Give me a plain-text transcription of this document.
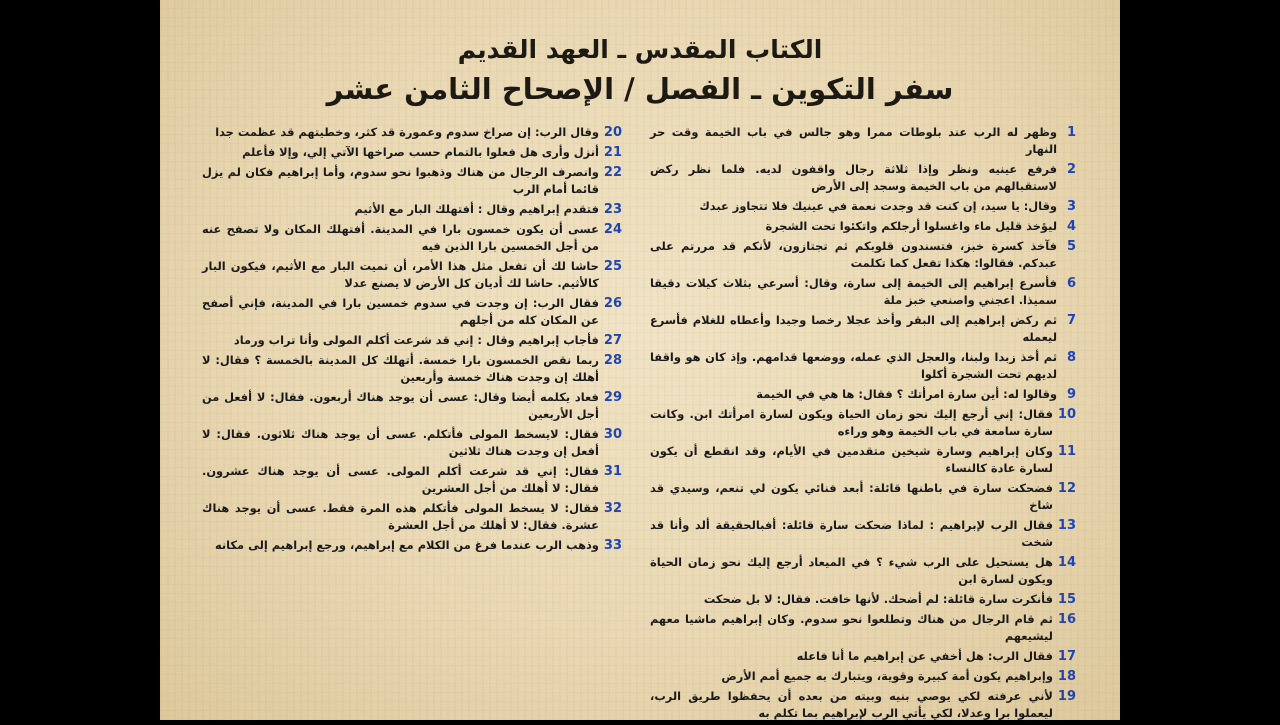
الكتاب المقدس ـ العهد القديم
سفر التكوين ـ الفصل / الإصحاح الثامن عشر
1
وظهر له الرب عند بلوطات ممرا وهو جالس في باب الخيمة وقت حر النهار
2
فرفع عينيه ونظر وإذا ثلاثة رجال واقفون لديه. فلما نظر ركض لاستقبالهم من باب الخيمة وسجد إلى الأرض
3
وقال: يا سيد، إن كنت قد وجدت نعمة في عينيك فلا تتجاوز عبدك
4
ليؤخذ قليل ماء واغسلوا أرجلكم واتكئوا تحت الشجرة
5
فآخذ كسرة خبز، فتسندون قلوبكم ثم تجتازون، لأنكم قد مررتم على عبدكم. فقالوا: هكذا تفعل كما تكلمت
6
فأسرع إبراهيم إلى الخيمة إلى سارة، وقال: أسرعي بثلاث كيلات دقيقا سميذا. اعجني واصنعي خبز ملة
7
ثم ركض إبراهيم إلى البقر وأخذ عجلا رخصا وجيدا وأعطاه للغلام فأسرع ليعمله
8
ثم أخذ زبدا ولبنا، والعجل الذي عمله، ووضعها قدامهم. وإذ كان هو واقفا لديهم تحت الشجرة أكلوا
9
وقالوا له: أين سارة امرأتك ؟ فقال: ها هي في الخيمة
10
فقال: إني أرجع إليك نحو زمان الحياة ويكون لسارة امرأتك ابن. وكانت سارة سامعة في باب الخيمة وهو وراءه
11
وكان إبراهيم وسارة شيخين متقدمين في الأيام، وقد انقطع أن يكون لسارة عادة كالنساء
12
فضحكت سارة في باطنها قائلة: أبعد فنائي يكون لي تنعم، وسيدي قد شاخ
13
فقال الرب لإبراهيم : لماذا ضحكت سارة قائلة: أفبالحقيقة ألد وأنا قد شخت
14
هل يستحيل على الرب شيء ؟ في الميعاد أرجع إليك نحو زمان الحياة ويكون لسارة ابن
15
فأنكرت سارة قائلة: لم أضحك. لأنها خافت. فقال: لا بل ضحكت
16
ثم قام الرجال من هناك وتطلعوا نحو سدوم. وكان إبراهيم ماشيا معهم ليشيعهم
17
فقال الرب: هل أخفي عن إبراهيم ما أنا فاعله
18
وإبراهيم يكون أمة كبيرة وقوية، ويتبارك به جميع أمم الأرض
19
لأني عرفته لكي يوصي بنيه وبيته من بعده أن يحفظوا طريق الرب، ليعملوا برا وعدلا، لكي يأتي الرب لإبراهيم بما تكلم به
20
وقال الرب: إن صراخ سدوم وعمورة قد كثر، وخطيتهم قد عظمت جدا
21
أنزل وأرى هل فعلوا بالتمام حسب صراخها الآتي إلي، وإلا فأعلم
22
وانصرف الرجال من هناك وذهبوا نحو سدوم، وأما إبراهيم فكان لم يزل قائما أمام الرب
23
فتقدم إبراهيم وقال : أفتهلك البار مع الأثيم
24
عسى أن يكون خمسون بارا في المدينة. أفتهلك المكان ولا تصفح عنه من أجل الخمسين بارا الذين فيه
25
حاشا لك أن تفعل مثل هذا الأمر، أن تميت البار مع الأثيم، فيكون البار كالأثيم. حاشا لك أديان كل الأرض لا يصنع عدلا
26
فقال الرب: إن وجدت في سدوم خمسين بارا في المدينة، فإني أصفح عن المكان كله من أجلهم
27
فأجاب إبراهيم وقال : إني قد شرعت أكلم المولى وأنا تراب ورماد
28
ربما نقص الخمسون بارا خمسة. أتهلك كل المدينة بالخمسة ؟ فقال: لا أهلك إن وجدت هناك خمسة وأربعين
29
فعاد يكلمه أيضا وقال: عسى أن يوجد هناك أربعون. فقال: لا أفعل من أجل الأربعين
30
فقال: لايسخط المولى فأتكلم. عسى أن يوجد هناك ثلاثون. فقال: لا أفعل إن وجدت هناك ثلاثين
31
فقال: إني قد شرعت أكلم المولى. عسى أن يوجد هناك عشرون. فقال: لا أهلك من أجل العشرين
32
فقال: لا يسخط المولى فأتكلم هذه المرة فقط. عسى أن يوجد هناك عشرة. فقال: لا أهلك من أجل العشرة
33
وذهب الرب عندما فرغ من الكلام مع إبراهيم، ورجع إبراهيم إلى مكانه
